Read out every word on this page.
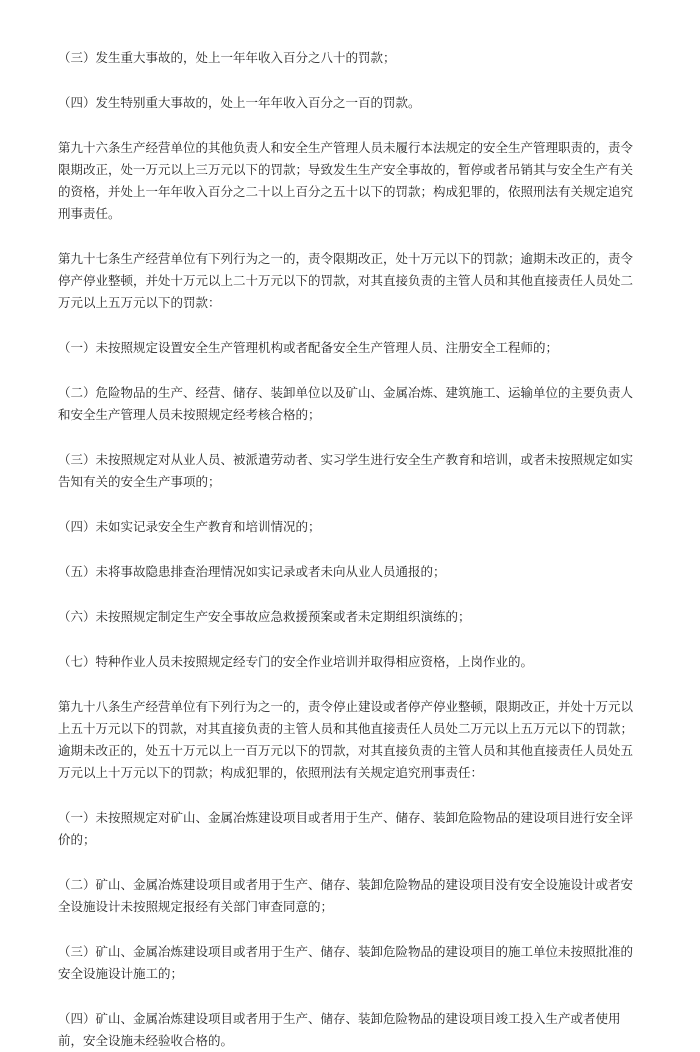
（三）发生重大事故的，处上一年年收入百分之八十的罚款；

（四）发生特别重大事故的，处上一年年收入百分之一百的罚款。

第九十六条生产经营单位的其他负责人和安全生产管理人员未履行本法规定的安全生产管理职责的，责令限期改正，处一万元以上三万元以下的罚款；导致发生生产安全事故的，暂停或者吊销其与安全生产有关的资格，并处上一年年收入百分之二十以上百分之五十以下的罚款；构成犯罪的，依照刑法有关规定追究刑事责任。

第九十七条生产经营单位有下列行为之一的，责令限期改正，处十万元以下的罚款；逾期未改正的，责令停产停业整顿，并处十万元以上二十万元以下的罚款，对其直接负责的主管人员和其他直接责任人员处二万元以上五万元以下的罚款：

（一）未按照规定设置安全生产管理机构或者配备安全生产管理人员、注册安全工程师的；

（二）危险物品的生产、经营、储存、装卸单位以及矿山、金属冶炼、建筑施工、运输单位的主要负责人和安全生产管理人员未按照规定经考核合格的；

（三）未按照规定对从业人员、被派遣劳动者、实习学生进行安全生产教育和培训，或者未按照规定如实告知有关的安全生产事项的；

（四）未如实记录安全生产教育和培训情况的；

（五）未将事故隐患排查治理情况如实记录或者未向从业人员通报的；

（六）未按照规定制定生产安全事故应急救援预案或者未定期组织演练的；

（七）特种作业人员未按照规定经专门的安全作业培训并取得相应资格，上岗作业的。

第九十八条生产经营单位有下列行为之一的，责令停止建设或者停产停业整顿，限期改正，并处十万元以上五十万元以下的罚款，对其直接负责的主管人员和其他直接责任人员处二万元以上五万元以下的罚款；逾期未改正的，处五十万元以上一百万元以下的罚款，对其直接负责的主管人员和其他直接责任人员处五万元以上十万元以下的罚款；构成犯罪的，依照刑法有关规定追究刑事责任：

（一）未按照规定对矿山、金属冶炼建设项目或者用于生产、储存、装卸危险物品的建设项目进行安全评价的；

（二）矿山、金属冶炼建设项目或者用于生产、储存、装卸危险物品的建设项目没有安全设施设计或者安全设施设计未按照规定报经有关部门审查同意的；

（三）矿山、金属冶炼建设项目或者用于生产、储存、装卸危险物品的建设项目的施工单位未按照批准的安全设施设计施工的；

（四）矿山、金属冶炼建设项目或者用于生产、储存、装卸危险物品的建设项目竣工投入生产或者使用前，安全设施未经验收合格的。
